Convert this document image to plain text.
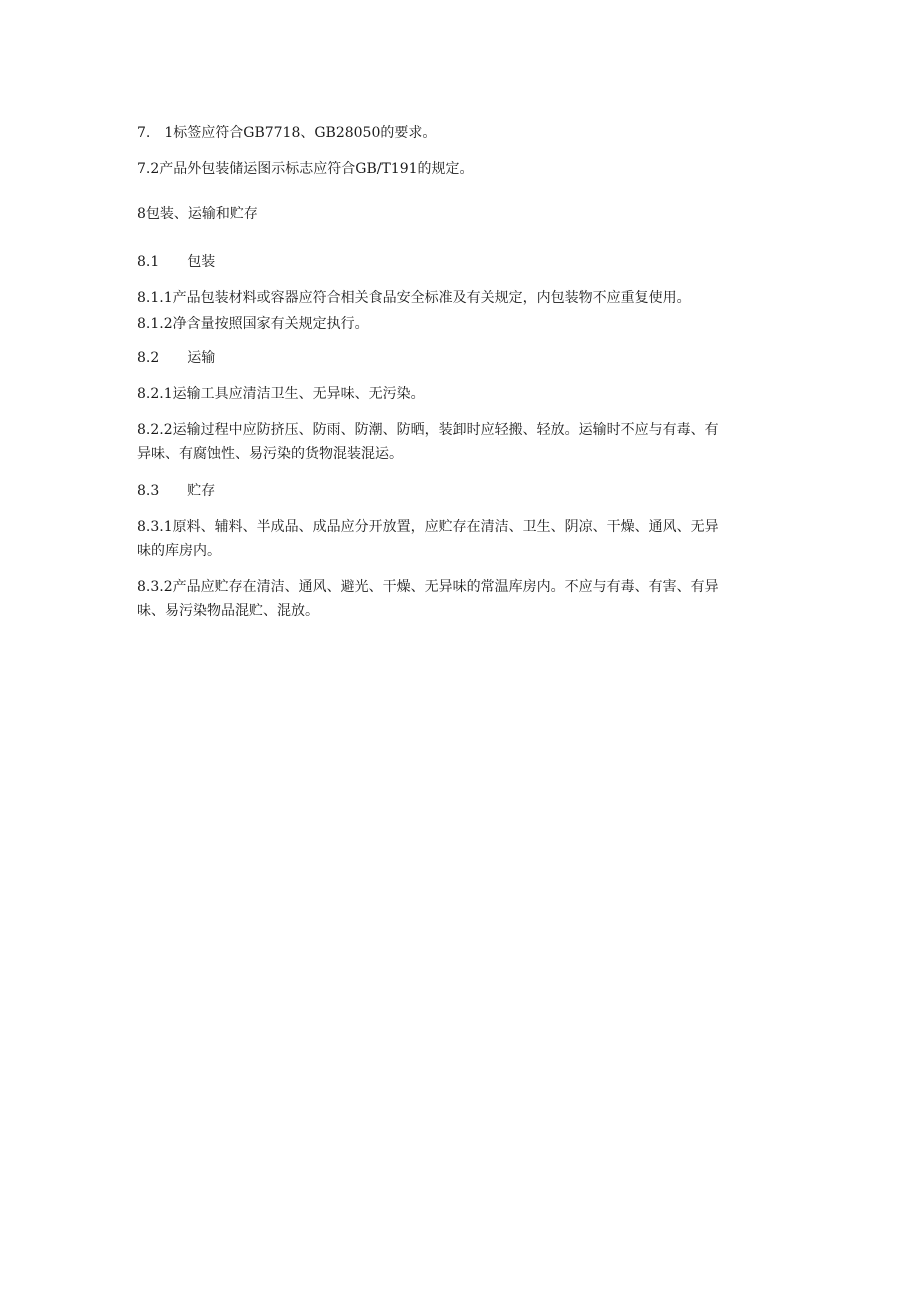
7.　1标签应符合GB7718、GB28050的要求。

7.2产品外包装储运图示标志应符合GB/T191的规定。

8包装、运输和贮存

8.1　　包装

8.1.1产品包装材料或容器应符合相关食品安全标准及有关规定，内包装物不应重复使用。

8.1.2净含量按照国家有关规定执行。

8.2　　运输

8.2.1运输工具应清洁卫生、无异味、无污染。

8.2.2运输过程中应防挤压、防雨、防潮、防晒，装卸时应轻搬、轻放。运输时不应与有毒、有
异味、有腐蚀性、易污染的货物混装混运。

8.3　　贮存

8.3.1原料、辅料、半成品、成品应分开放置，应贮存在清洁、卫生、阴凉、干燥、通风、无异
味的库房内。

8.3.2产品应贮存在清洁、通风、避光、干燥、无异味的常温库房内。不应与有毒、有害、有异
味、易污染物品混贮、混放。
